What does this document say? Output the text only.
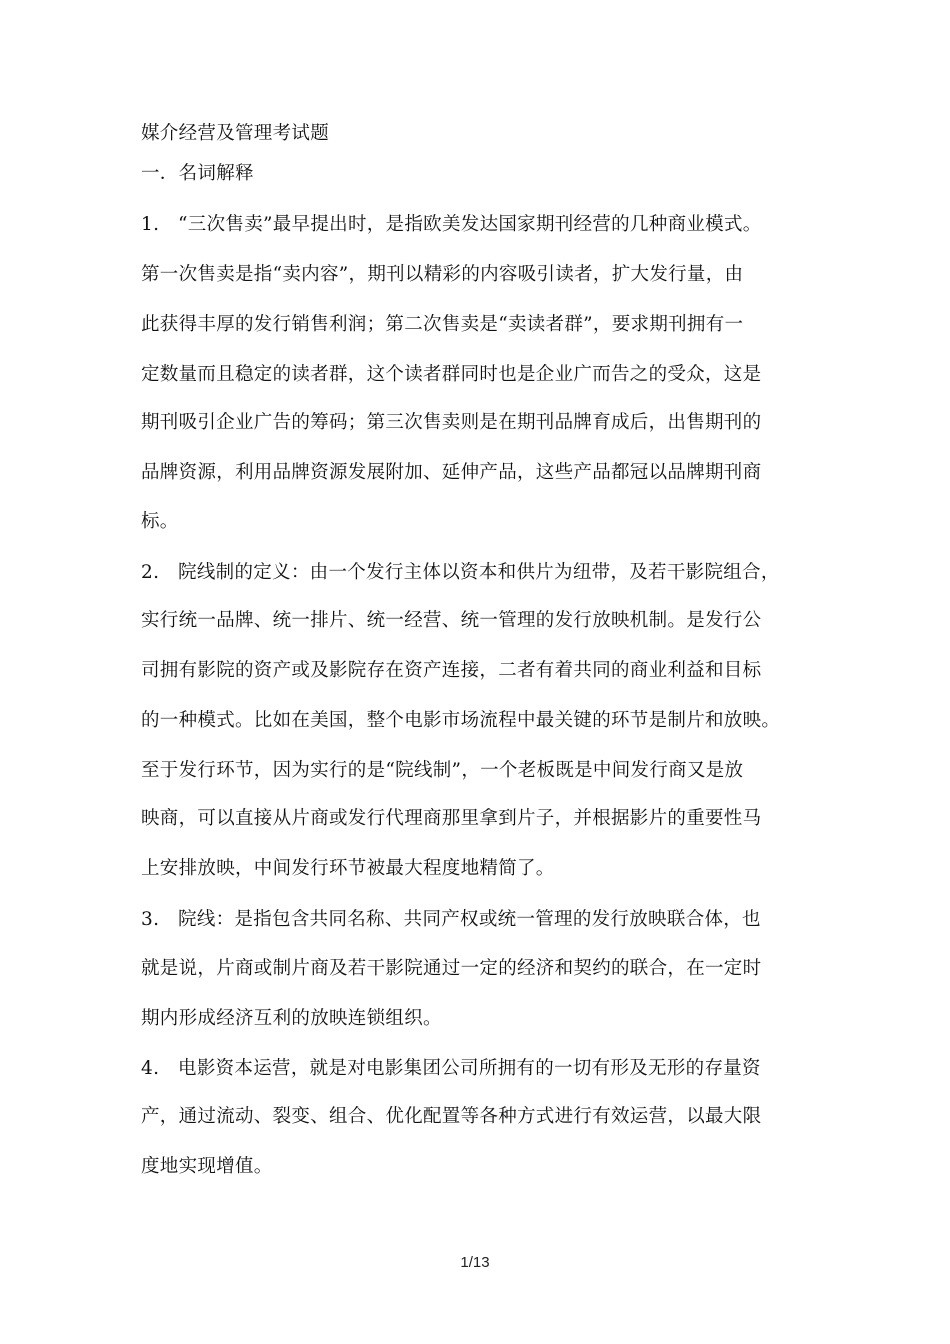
媒介经营及管理考试题
一．名词解释
1.　“三次售卖”最早提出时，是指欧美发达国家期刊经营的几种商业模式。
第一次售卖是指“卖内容”，期刊以精彩的内容吸引读者，扩大发行量，由
此获得丰厚的发行销售利润；第二次售卖是“卖读者群”，要求期刊拥有一
定数量而且稳定的读者群，这个读者群同时也是企业广而告之的受众，这是
期刊吸引企业广告的筹码；第三次售卖则是在期刊品牌育成后，出售期刊的
品牌资源，利用品牌资源发展附加、延伸产品，这些产品都冠以品牌期刊商
标。
2.　院线制的定义：由一个发行主体以资本和供片为纽带，及若干影院组合，
实行统一品牌、统一排片、统一经营、统一管理的发行放映机制。是发行公
司拥有影院的资产或及影院存在资产连接，二者有着共同的商业利益和目标
的一种模式。比如在美国，整个电影市场流程中最关键的环节是制片和放映。
至于发行环节，因为实行的是“院线制”，一个老板既是中间发行商又是放
映商，可以直接从片商或发行代理商那里拿到片子，并根据影片的重要性马
上安排放映，中间发行环节被最大程度地精简了。
3.　院线：是指包含共同名称、共同产权或统一管理的发行放映联合体，也
就是说，片商或制片商及若干影院通过一定的经济和契约的联合，在一定时
期内形成经济互利的放映连锁组织。
4.　电影资本运营，就是对电影集团公司所拥有的一切有形及无形的存量资
产，通过流动、裂变、组合、优化配置等各种方式进行有效运营，以最大限
度地实现增值。
1/13
